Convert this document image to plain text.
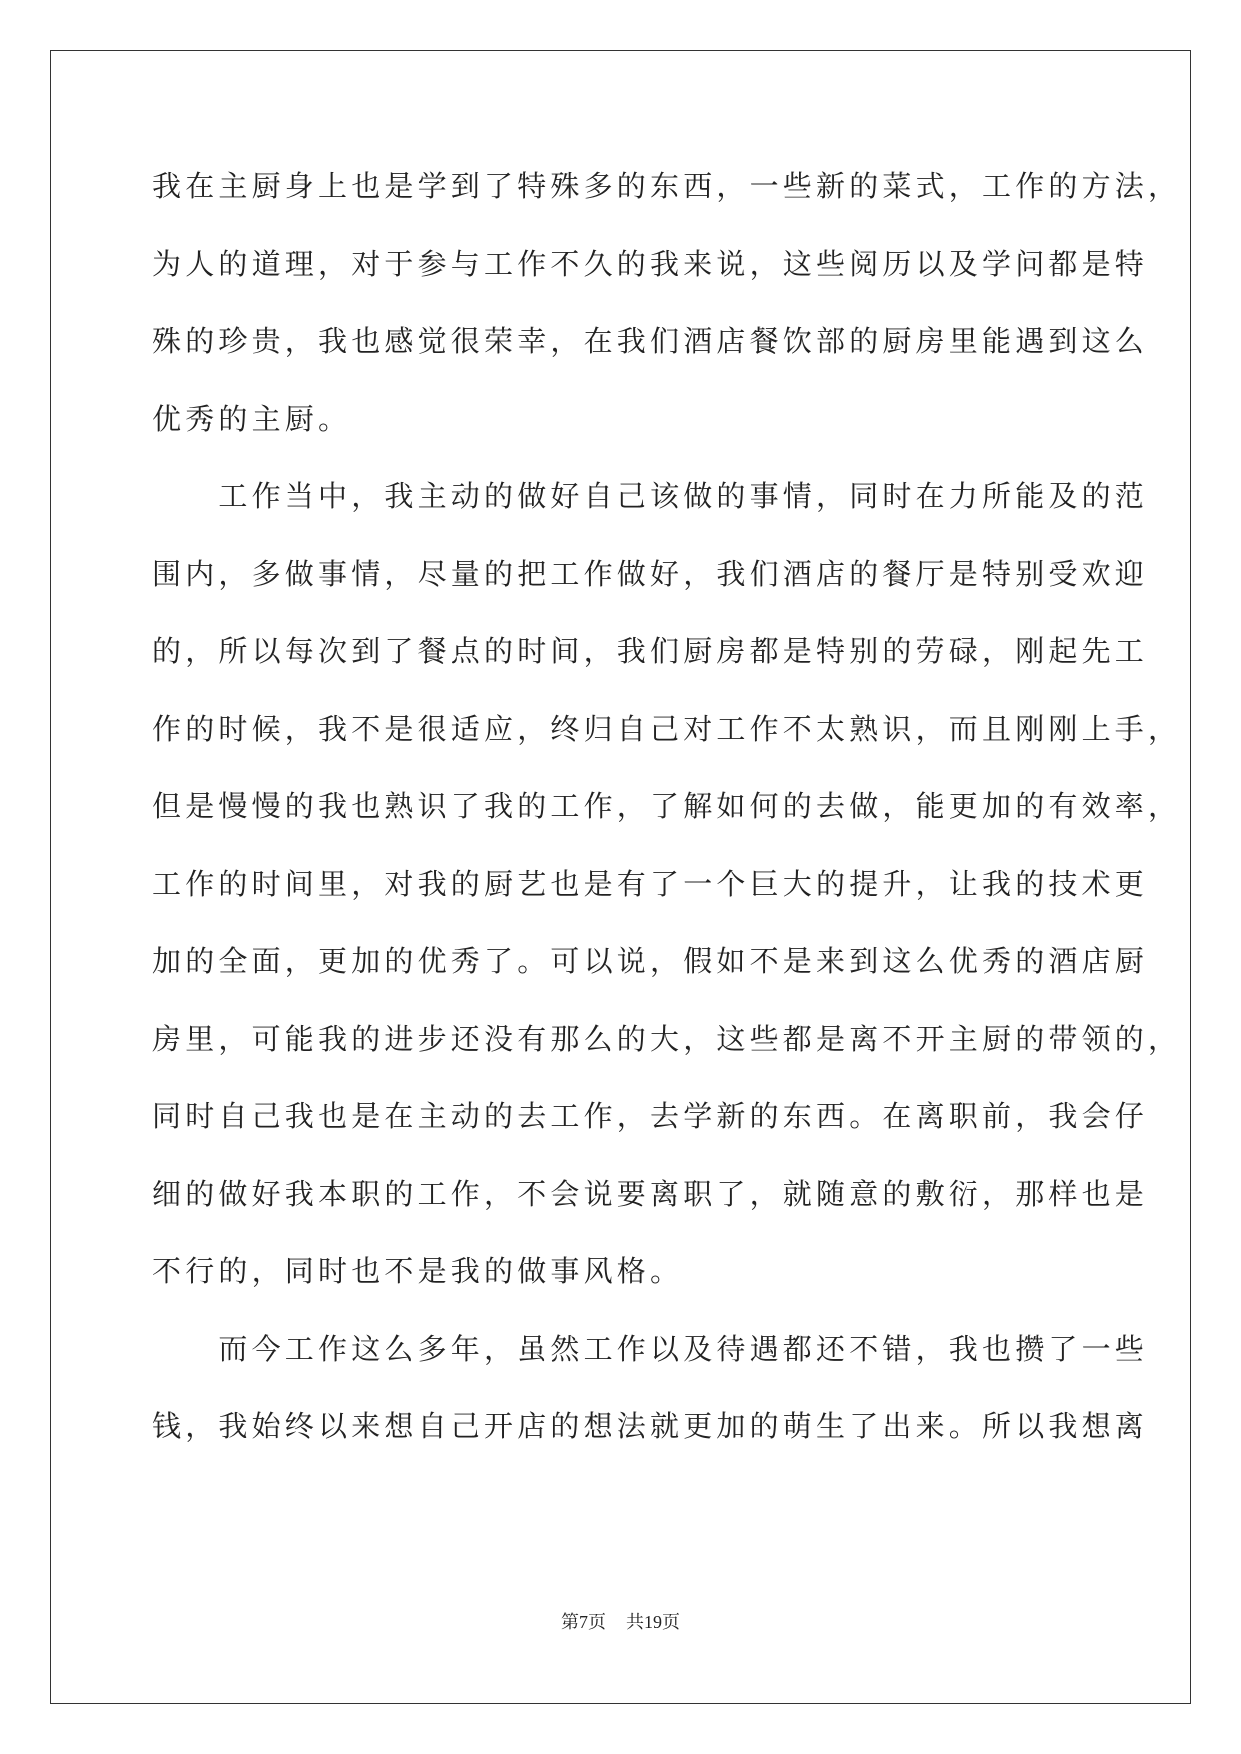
我在主厨身上也是学到了特殊多的东西，一些新的菜式，工作的方法，
为人的道理，对于参与工作不久的我来说，这些阅历以及学问都是特
殊的珍贵，我也感觉很荣幸，在我们酒店餐饮部的厨房里能遇到这么
优秀的主厨。

　　工作当中，我主动的做好自己该做的事情，同时在力所能及的范
围内，多做事情，尽量的把工作做好，我们酒店的餐厅是特别受欢迎
的，所以每次到了餐点的时间，我们厨房都是特别的劳碌，刚起先工
作的时候，我不是很适应，终归自己对工作不太熟识，而且刚刚上手，
但是慢慢的我也熟识了我的工作，了解如何的去做，能更加的有效率，
工作的时间里，对我的厨艺也是有了一个巨大的提升，让我的技术更
加的全面，更加的优秀了。可以说，假如不是来到这么优秀的酒店厨
房里，可能我的进步还没有那么的大，这些都是离不开主厨的带领的，
同时自己我也是在主动的去工作，去学新的东西。在离职前，我会仔
细的做好我本职的工作，不会说要离职了，就随意的敷衍，那样也是
不行的，同时也不是我的做事风格。

　　而今工作这么多年，虽然工作以及待遇都还不错，我也攒了一些
钱，我始终以来想自己开店的想法就更加的萌生了出来。所以我想离

第7页 共19页
